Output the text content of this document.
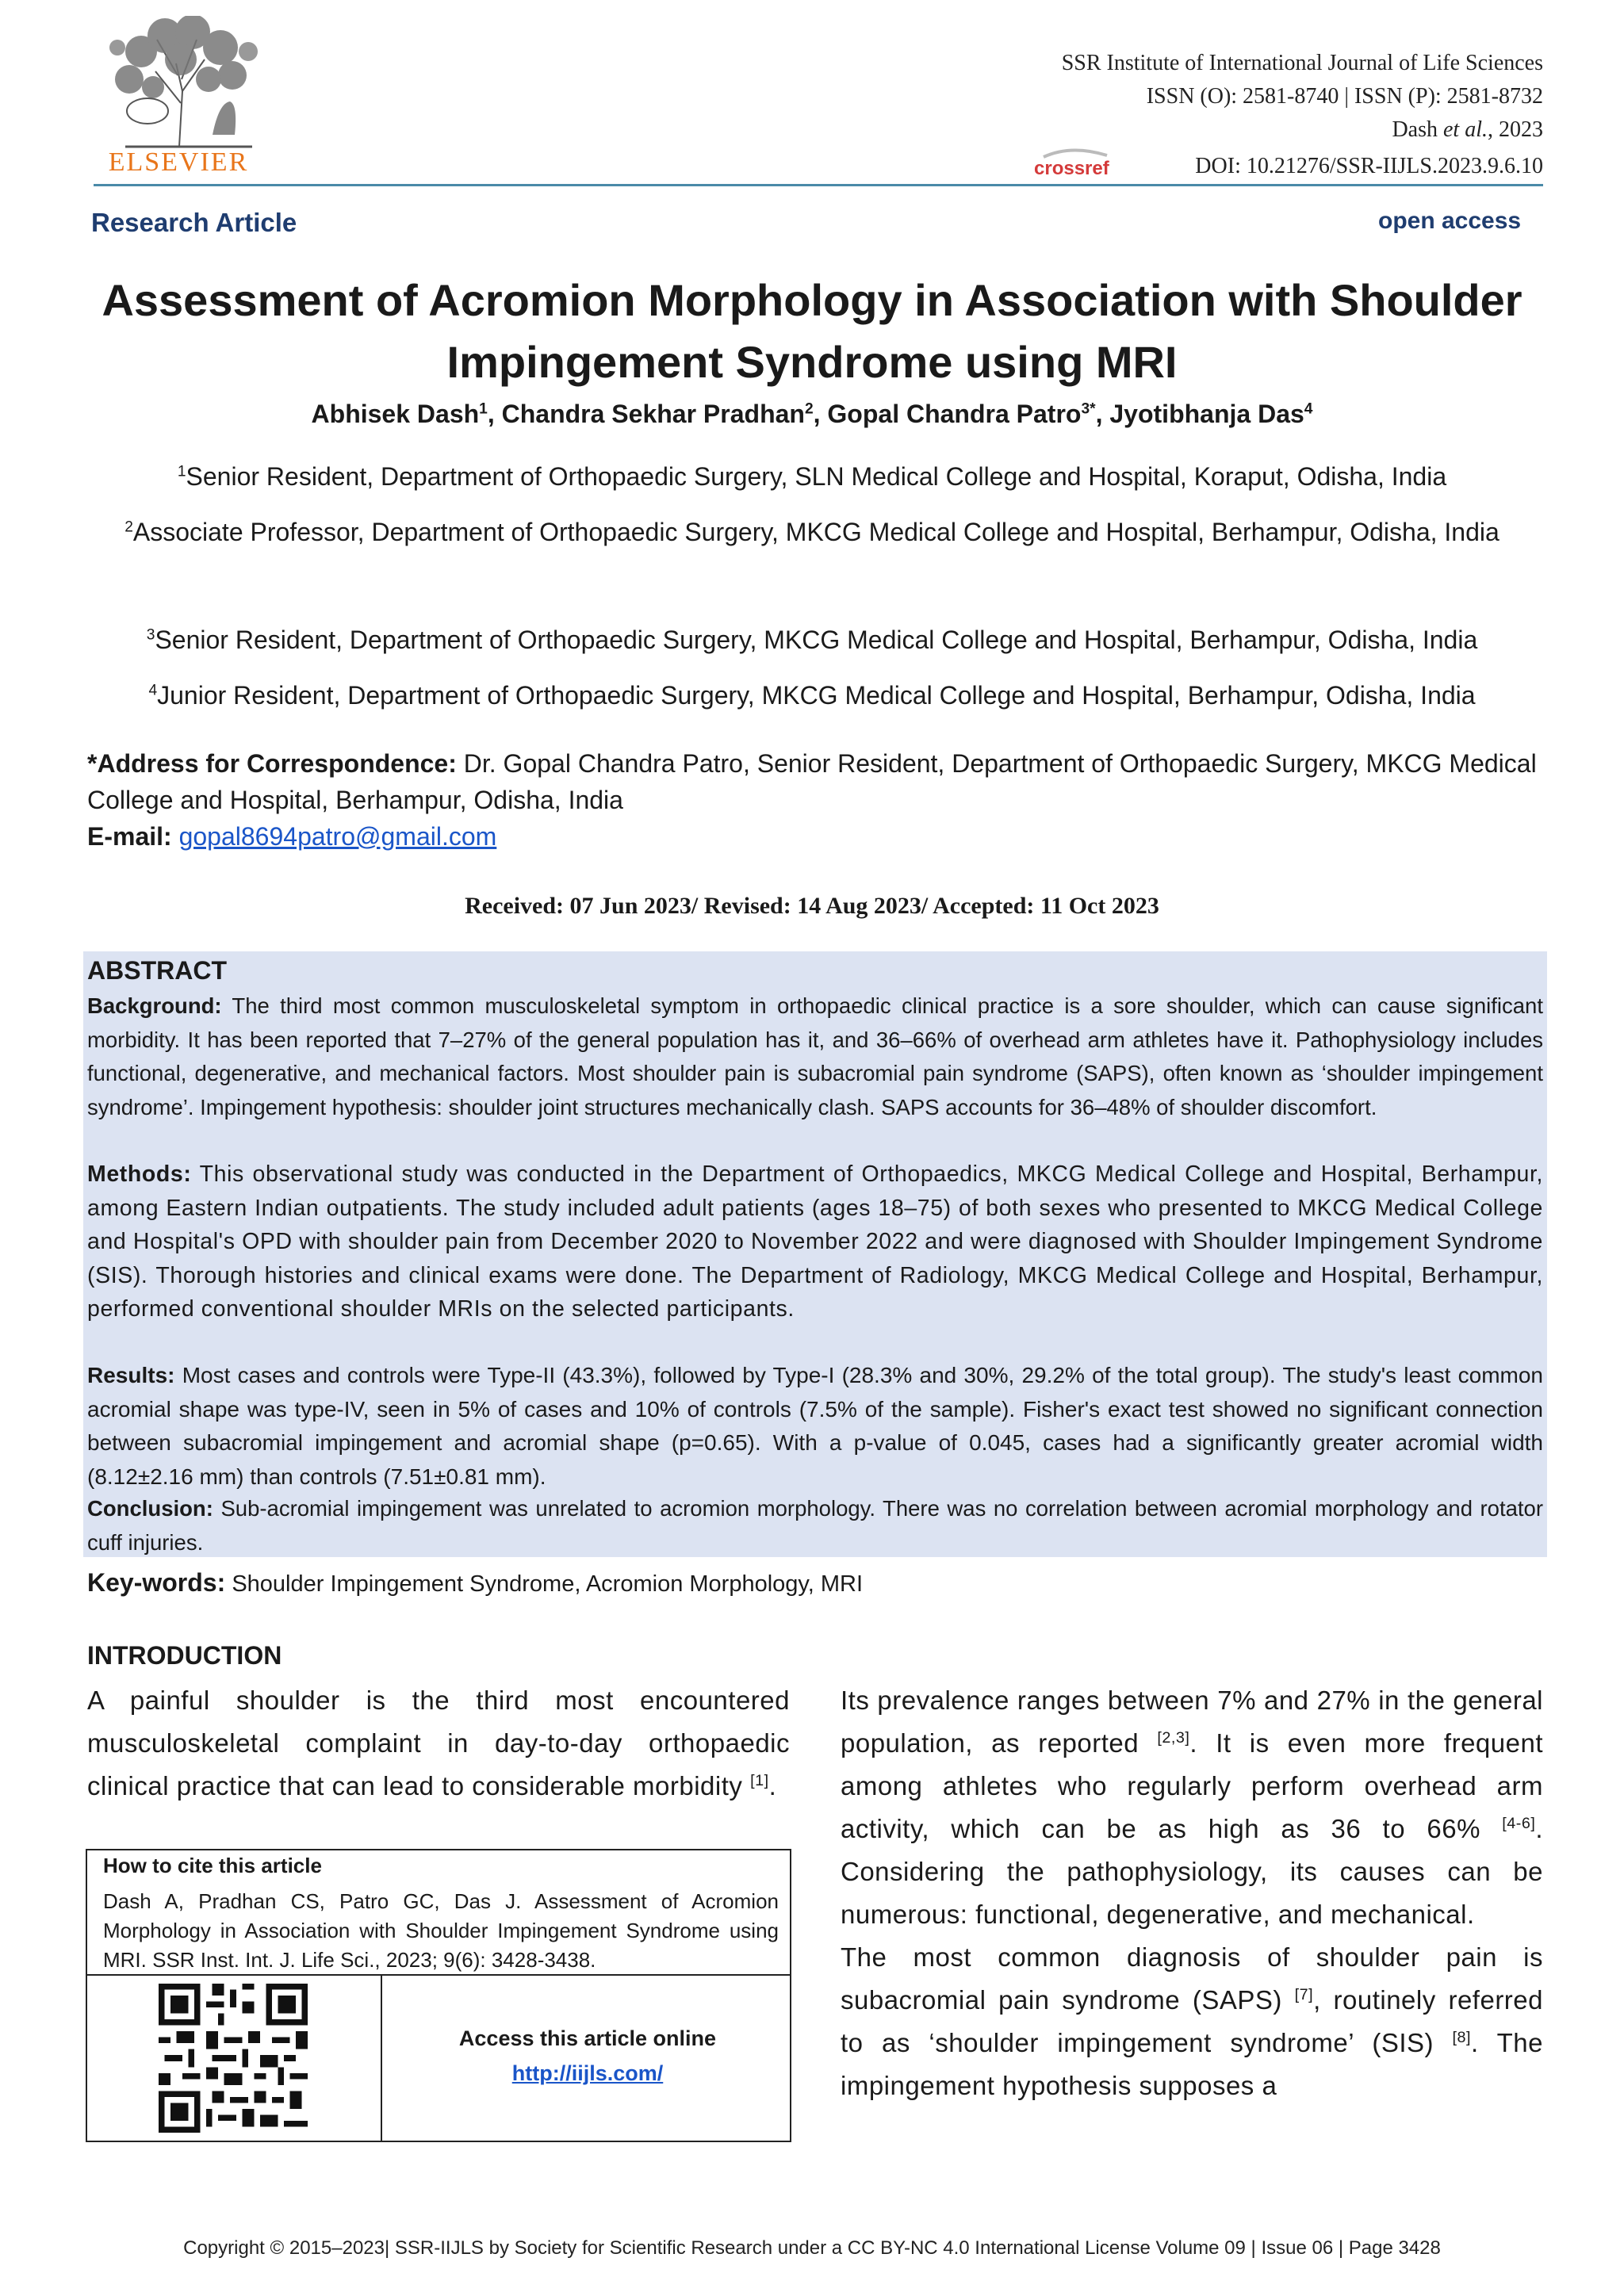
ELSEVIER
SSR Institute of International Journal of Life Sciences
ISSN (O): 2581-8740 | ISSN (P): 2581-8732
Dash et al., 2023
DOI: 10.21276/SSR-IIJLS.2023.9.6.10
crossref
Research Article	open access
Assessment of Acromion Morphology in Association with Shoulder Impingement Syndrome using MRI
Abhisek Dash$^1$, Chandra Sekhar Pradhan$^2$, Gopal Chandra Patro$^{3*}$, Jyotibhanja Das$^4$
$^1$Senior Resident, Department of Orthopaedic Surgery, SLN Medical College and Hospital, Koraput, Odisha, India
$^2$Associate Professor, Department of Orthopaedic Surgery, MKCG Medical College and Hospital, Berhampur, Odisha, India
$^3$Senior Resident, Department of Orthopaedic Surgery, MKCG Medical College and Hospital, Berhampur, Odisha, India
$^4$Junior Resident, Department of Orthopaedic Surgery, MKCG Medical College and Hospital, Berhampur, Odisha, India
*Address for Correspondence: Dr. Gopal Chandra Patro, Senior Resident, Department of Orthopaedic Surgery, MKCG Medical College and Hospital, Berhampur, Odisha, India
E-mail: gopal8694patro@gmail.com
Received: 07 Jun 2023/ Revised: 14 Aug 2023/ Accepted: 11 Oct 2023
ABSTRACT
Background: The third most common musculoskeletal symptom in orthopaedic clinical practice is a sore shoulder, which can cause significant morbidity. It has been reported that 7–27% of the general population has it, and 36–66% of overhead arm athletes have it. Pathophysiology includes functional, degenerative, and mechanical factors. Most shoulder pain is subacromial pain syndrome (SAPS), often known as ‘shoulder impingement syndrome’. Impingement hypothesis: shoulder joint structures mechanically clash. SAPS accounts for 36–48% of shoulder discomfort.
Methods: This observational study was conducted in the Department of Orthopaedics, MKCG Medical College and Hospital, Berhampur, among Eastern Indian outpatients. The study included adult patients (ages 18–75) of both sexes who presented to MKCG Medical College and Hospital's OPD with shoulder pain from December 2020 to November 2022 and were diagnosed with Shoulder Impingement Syndrome (SIS). Thorough histories and clinical exams were done. The Department of Radiology, MKCG Medical College and Hospital, Berhampur, performed conventional shoulder MRIs on the selected participants.
Results: Most cases and controls were Type-II (43.3%), followed by Type-I (28.3% and 30%, 29.2% of the total group). The study's least common acromial shape was type-IV, seen in 5% of cases and 10% of controls (7.5% of the sample). Fisher's exact test showed no significant connection between subacromial impingement and acromial shape (p=0.65). With a p-value of 0.045, cases had a significantly greater acromial width (8.12±2.16 mm) than controls (7.51±0.81 mm).
Conclusion: Sub-acromial impingement was unrelated to acromion morphology. There was no correlation between acromial morphology and rotator cuff injuries.
Key-words: Shoulder Impingement Syndrome, Acromion Morphology, MRI
INTRODUCTION
A painful shoulder is the third most encountered musculoskeletal complaint in day-to-day orthopaedic clinical practice that can lead to considerable morbidity [1].

Its prevalence ranges between 7% and 27% in the general population, as reported [2,3]. It is even more frequent among athletes who regularly perform overhead arm activity, which can be as high as 36 to 66% [4-6]. Considering the pathophysiology, its causes can be numerous: functional, degenerative, and mechanical.

The most common diagnosis of shoulder pain is subacromial pain syndrome (SAPS) [7], routinely referred to as ‘shoulder impingement syndrome’ (SIS) [8]. The impingement hypothesis supposes a

How to cite this article
Dash A, Pradhan CS, Patro GC, Das J. Assessment of Acromion Morphology in Association with Shoulder Impingement Syndrome using MRI. SSR Inst. Int. J. Life Sci., 2023; 9(6): 3428-3438.
Access this article online
http://iijls.com/
Copyright © 2015–2023| SSR-IIJLS by Society for Scientific Research under a CC BY-NC 4.0 International License Volume 09 | Issue 06 | Page 3428
